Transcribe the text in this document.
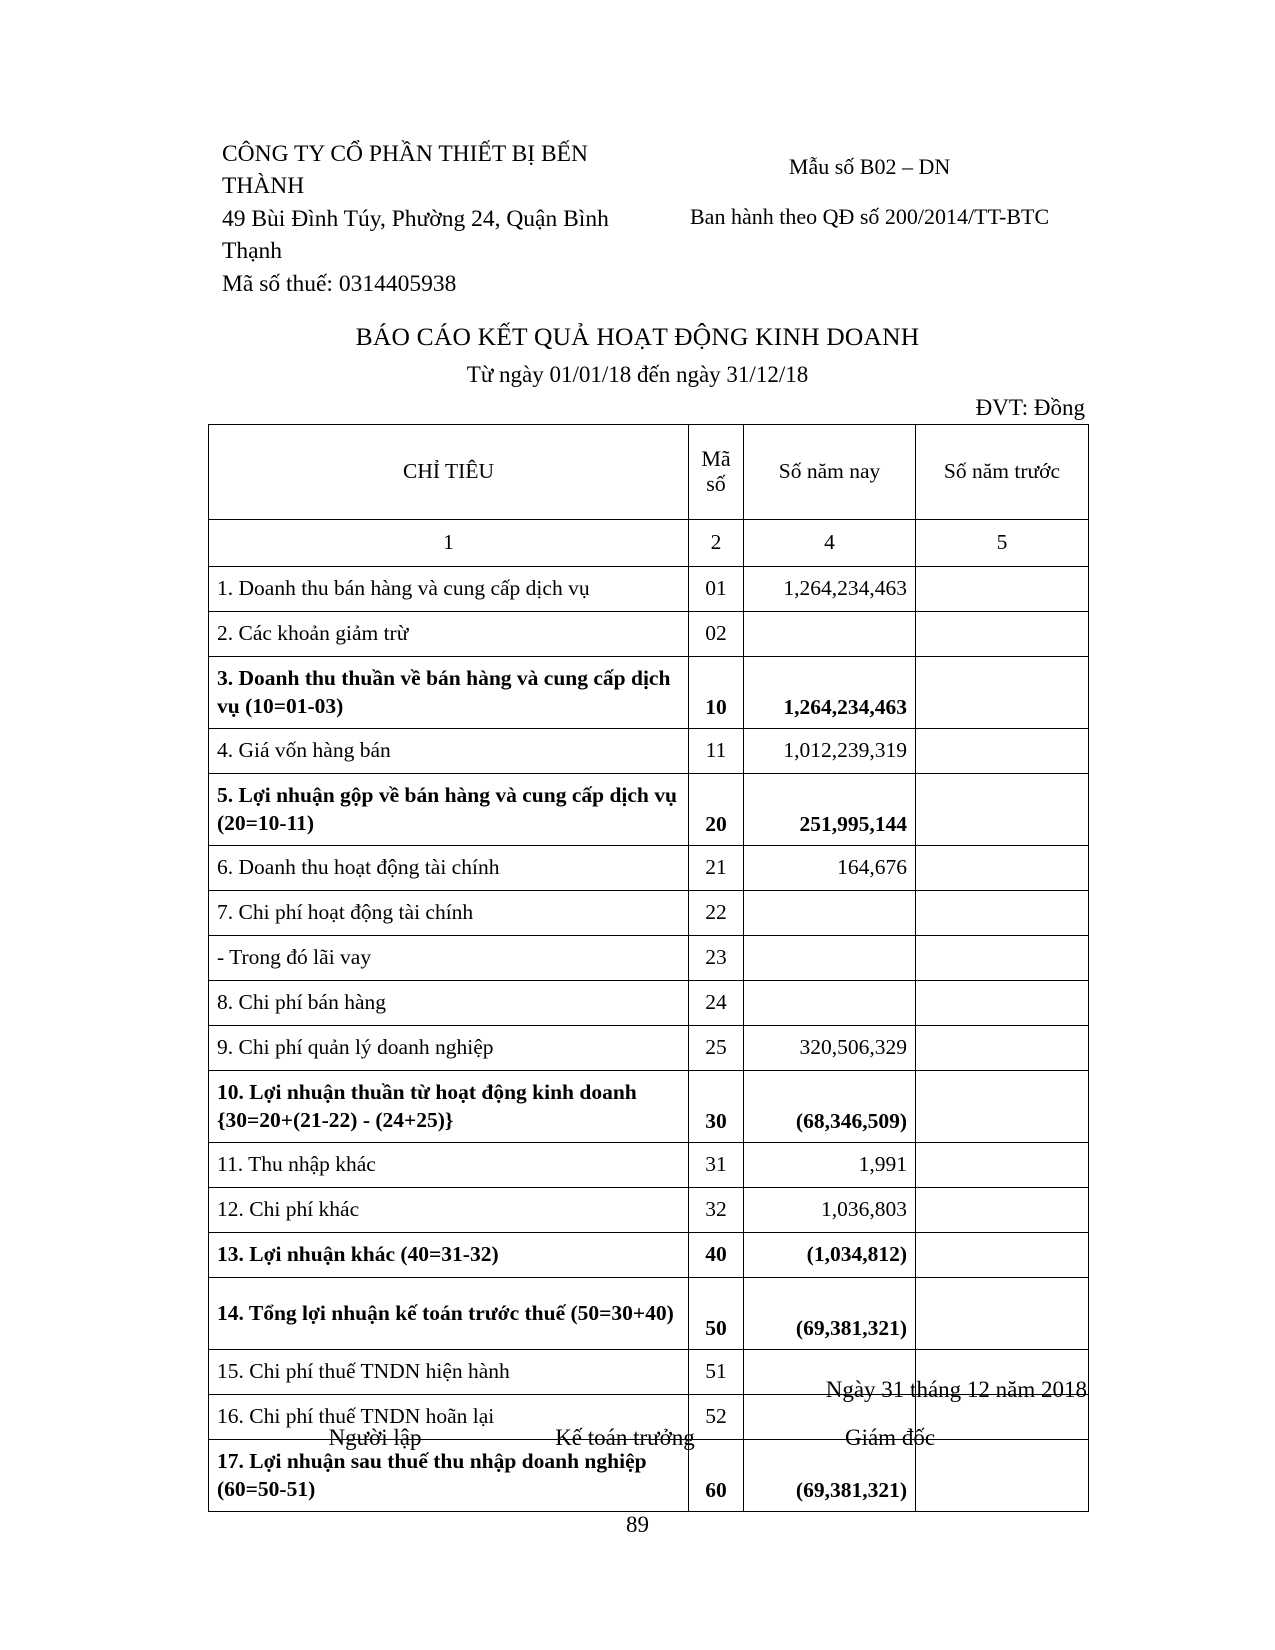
CÔNG TY CỔ PHẦN THIẾT BỊ BẾN THÀNH
49 Bùi Đình Túy, Phường 24, Quận Bình Thạnh
Mã số thuế: 0314405938
Mẫu số B02 – DN
Ban hành theo QĐ số 200/2014/TT-BTC
BÁO CÁO KẾT QUẢ HOẠT ĐỘNG KINH DOANH
Từ ngày 01/01/18 đến ngày 31/12/18
ĐVT: Đồng
CHỈ TIÊU	Mã số	Số năm nay	Số năm trước
1	2	4	5
1. Doanh thu bán hàng và cung cấp dịch vụ	01	1,264,234,463	
2. Các khoản giảm trừ	02		
3. Doanh thu thuần về bán hàng và cung cấp dịch vụ (10=01-03)	10	1,264,234,463	
4. Giá vốn hàng bán	11	1,012,239,319	
5. Lợi nhuận gộp về bán hàng và cung cấp dịch vụ (20=10-11)	20	251,995,144	
6. Doanh thu hoạt động tài chính	21	164,676	
7. Chi phí hoạt động tài chính	22		
- Trong đó lãi vay	23		
8. Chi phí bán hàng	24		
9. Chi phí quản lý doanh nghiệp	25	320,506,329	
10. Lợi nhuận thuần từ hoạt động kinh doanh {30=20+(21-22) - (24+25)}	30	(68,346,509)	
11. Thu nhập khác	31	1,991	
12. Chi phí khác	32	1,036,803	
13. Lợi nhuận khác (40=31-32)	40	(1,034,812)	
14. Tổng lợi nhuận kế toán trước thuế (50=30+40)	50	(69,381,321)	
15. Chi phí thuế TNDN hiện hành	51		
16. Chi phí thuế TNDN hoãn lại	52		
17. Lợi nhuận sau thuế thu nhập doanh nghiệp (60=50-51)	60	(69,381,321)	
Ngày 31 tháng 12 năm 2018
Người lập	Kế toán trưởng	Giám đốc
89
